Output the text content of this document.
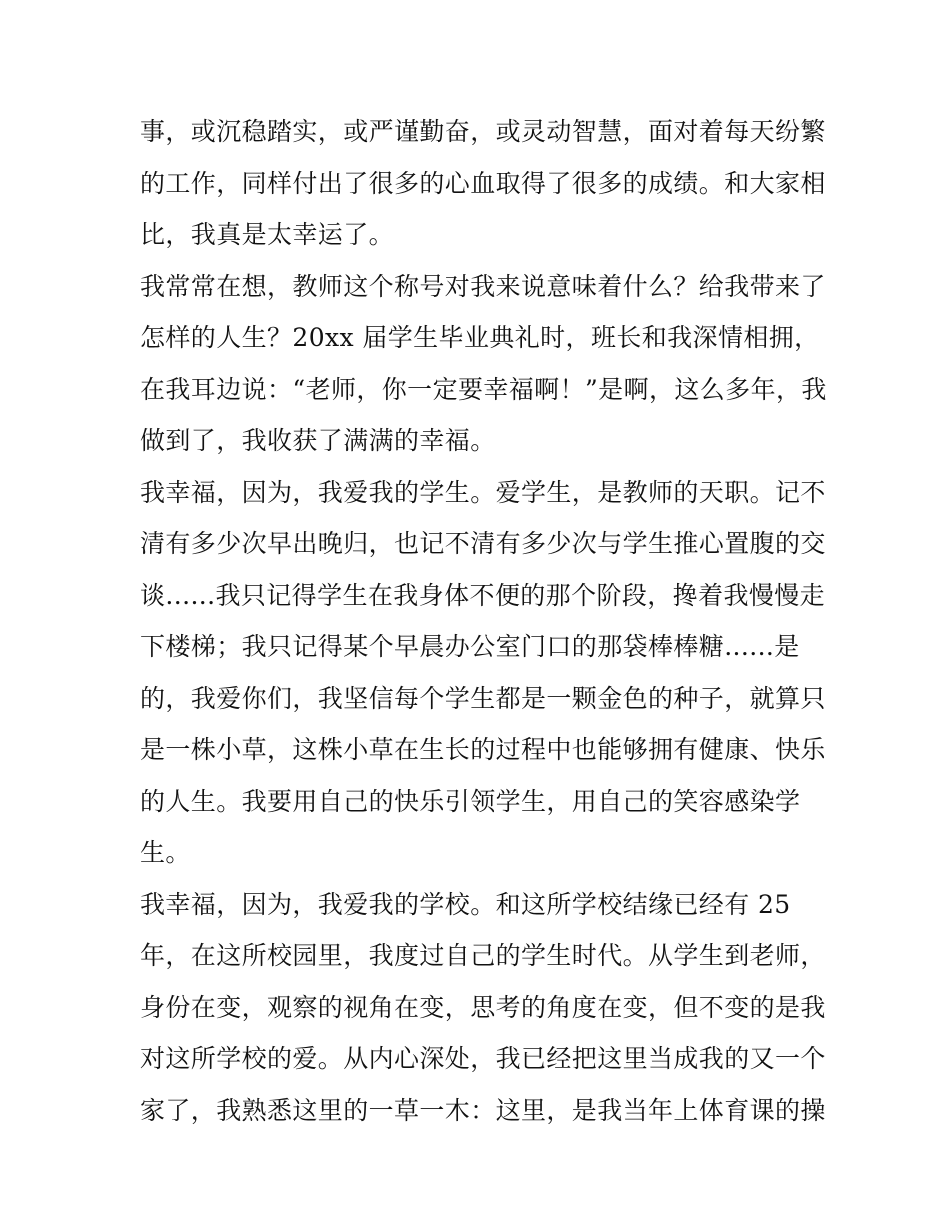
事，或沉稳踏实，或严谨勤奋，或灵动智慧，面对着每天纷繁
的工作，同样付出了很多的心血取得了很多的成绩。和大家相
比，我真是太幸运了。
我常常在想，教师这个称号对我来说意味着什么？给我带来了
怎样的人生？20xx 届学生毕业典礼时，班长和我深情相拥，
在我耳边说：“老师，你一定要幸福啊！”是啊，这么多年，我
做到了，我收获了满满的幸福。
我幸福，因为，我爱我的学生。爱学生，是教师的天职。记不
清有多少次早出晚归，也记不清有多少次与学生推心置腹的交
谈......我只记得学生在我身体不便的那个阶段，搀着我慢慢走
下楼梯；我只记得某个早晨办公室门口的那袋棒棒糖......是
的，我爱你们，我坚信每个学生都是一颗金色的种子，就算只
是一株小草，这株小草在生长的过程中也能够拥有健康、快乐
的人生。我要用自己的快乐引领学生，用自己的笑容感染学
生。
我幸福，因为，我爱我的学校。和这所学校结缘已经有 25
年，在这所校园里，我度过自己的学生时代。从学生到老师，
身份在变，观察的视角在变，思考的角度在变，但不变的是我
对这所学校的爱。从内心深处，我已经把这里当成我的又一个
家了，我熟悉这里的一草一木：这里，是我当年上体育课的操
